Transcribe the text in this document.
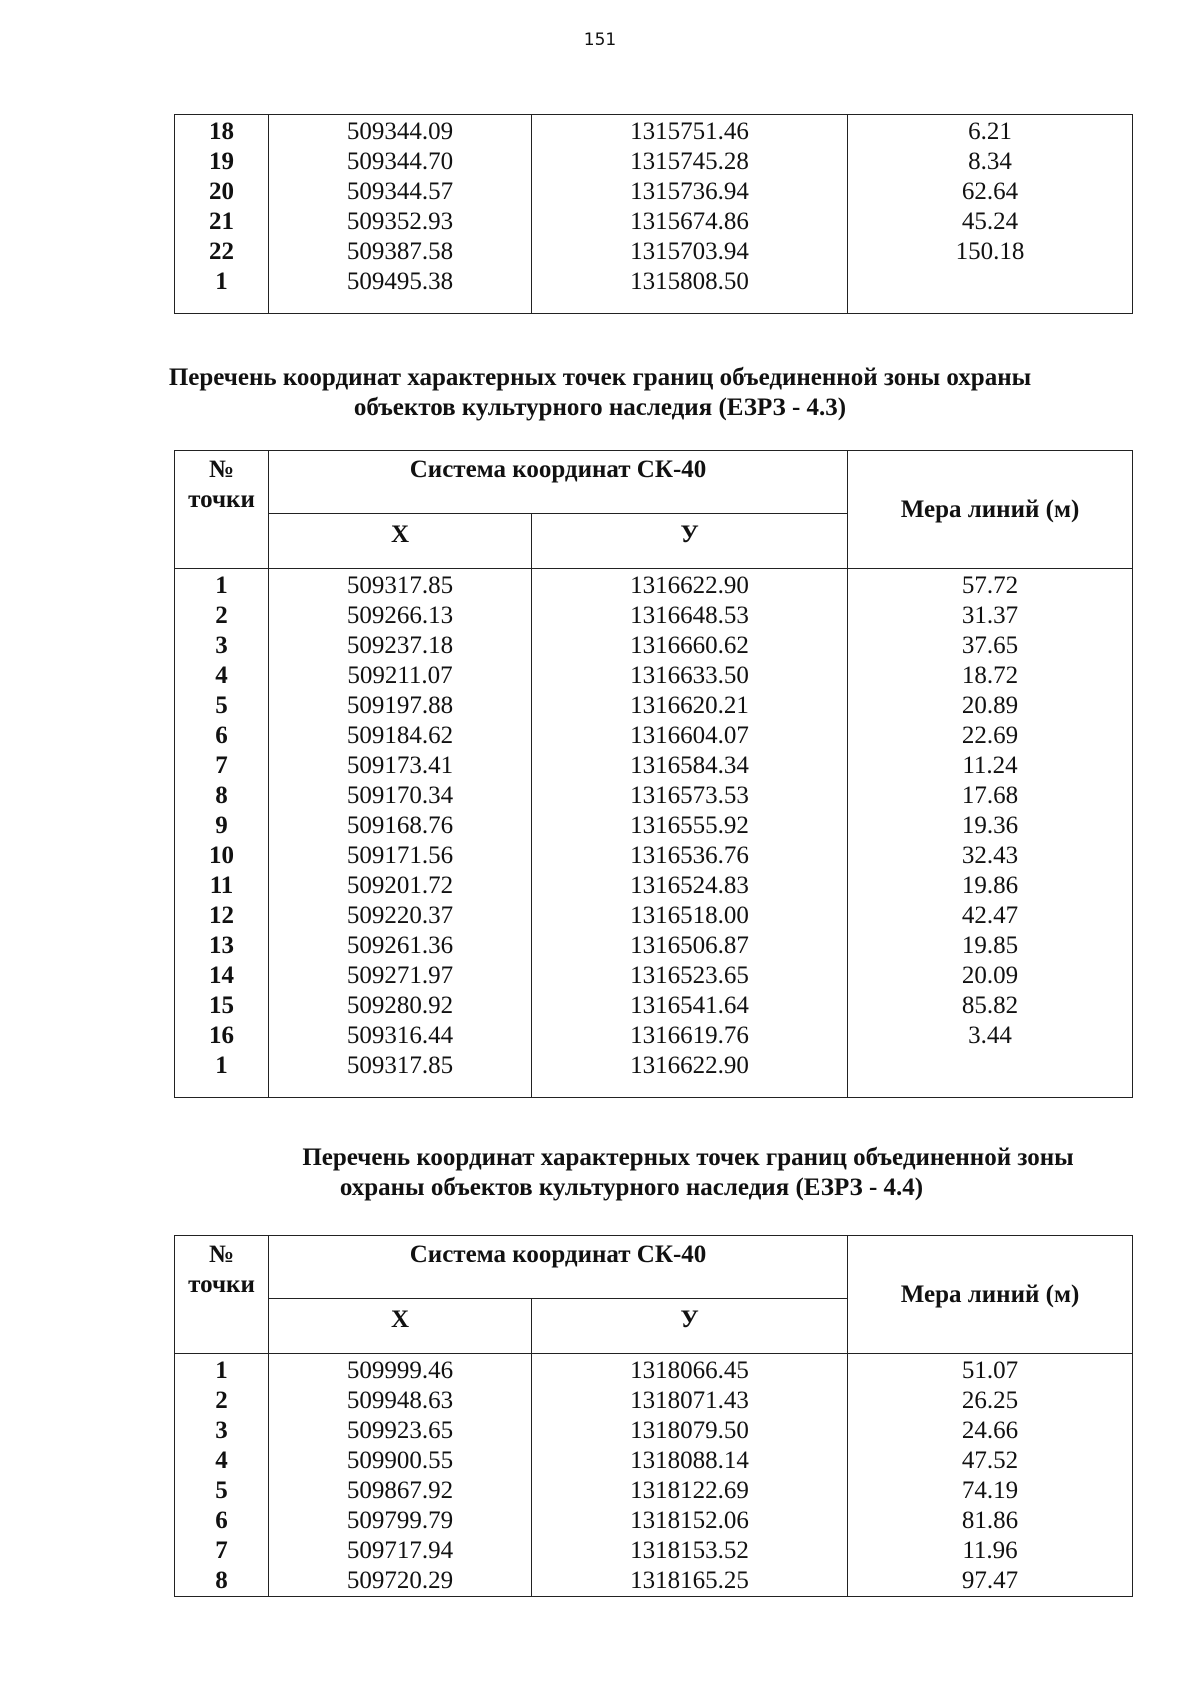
151
18	509344.09	1315751.46	6.21
19	509344.70	1315745.28	8.34
20	509344.57	1315736.94	62.64
21	509352.93	1315674.86	45.24
22	509387.58	1315703.94	150.18
1	509495.38	1315808.50	

Перечень координат характерных точек границ объединенной зоны охраны
объектов культурного наследия (ЕЗРЗ - 4.3)
№
точки	Система координат СК-40		Мера линий (м)
	X	У	
1	509317.85	1316622.90	57.72
2	509266.13	1316648.53	31.37
3	509237.18	1316660.62	37.65
4	509211.07	1316633.50	18.72
5	509197.88	1316620.21	20.89
6	509184.62	1316604.07	22.69
7	509173.41	1316584.34	11.24
8	509170.34	1316573.53	17.68
9	509168.76	1316555.92	19.36
10	509171.56	1316536.76	32.43
11	509201.72	1316524.83	19.86
12	509220.37	1316518.00	42.47
13	509261.36	1316506.87	19.85
14	509271.97	1316523.65	20.09
15	509280.92	1316541.64	85.82
16	509316.44	1316619.76	3.44
1	509317.85	1316622.90	

Перечень координат характерных точек границ объединенной зоны
охраны объектов культурного наследия (ЕЗРЗ - 4.4)
№
точки	Система координат СК-40		Мера линий (м)
	X	У	
1	509999.46	1318066.45	51.07
2	509948.63	1318071.43	26.25
3	509923.65	1318079.50	24.66
4	509900.55	1318088.14	47.52
5	509867.92	1318122.69	74.19
6	509799.79	1318152.06	81.86
7	509717.94	1318153.52	11.96
8	509720.29	1318165.25	97.47
